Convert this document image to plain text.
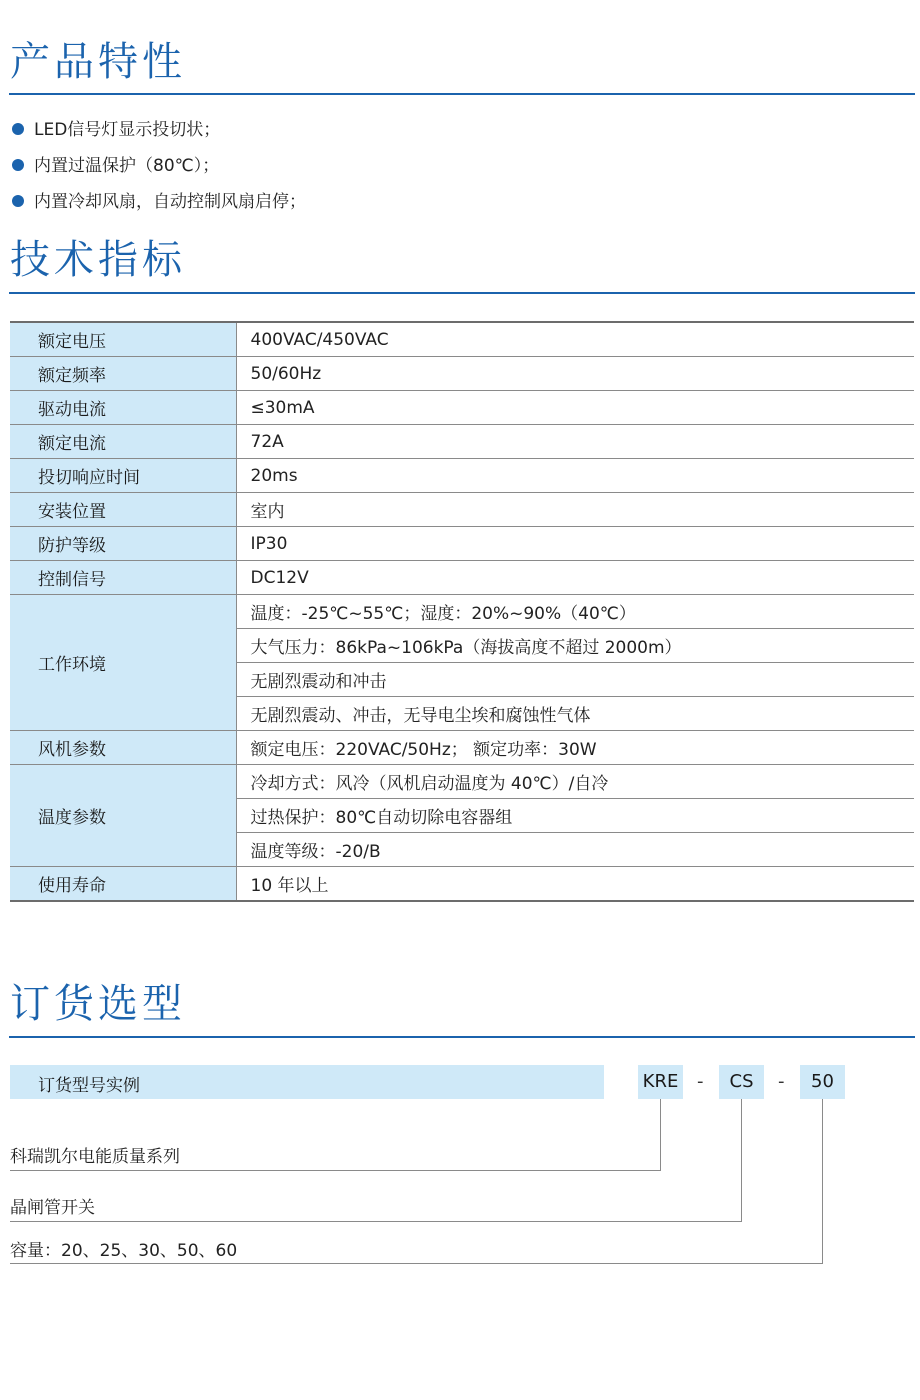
产品特性
LED信号灯显示投切状；
内置过温保护（80℃）；
内置冷却风扇，自动控制风扇启停；
技术指标
额定电压	400VAC/450VAC
额定频率	50/60Hz
驱动电流	≤30mA
额定电流	72A
投切响应时间	20ms
安装位置	室内
防护等级	IP30
控制信号	DC12V
工作环境	温度：-25℃~55℃；湿度：20%~90%（40℃）
	大气压力：86kPa~106kPa（海拔高度不超过 2000m）
	无剧烈震动和冲击
	无剧烈震动、冲击，无导电尘埃和腐蚀性气体
风机参数	额定电压：220VAC/50Hz； 额定功率：30W
温度参数	冷却方式：风冷（风机启动温度为 40℃）/自冷
	过热保护：80℃自动切除电容器组
	温度等级：-20/B
使用寿命	10 年以上
订货选型
订货型号实例	KRE -	CS	-	50
科瑞凯尔电能质量系列
晶闸管开关
容量：20、25、30、50、60
